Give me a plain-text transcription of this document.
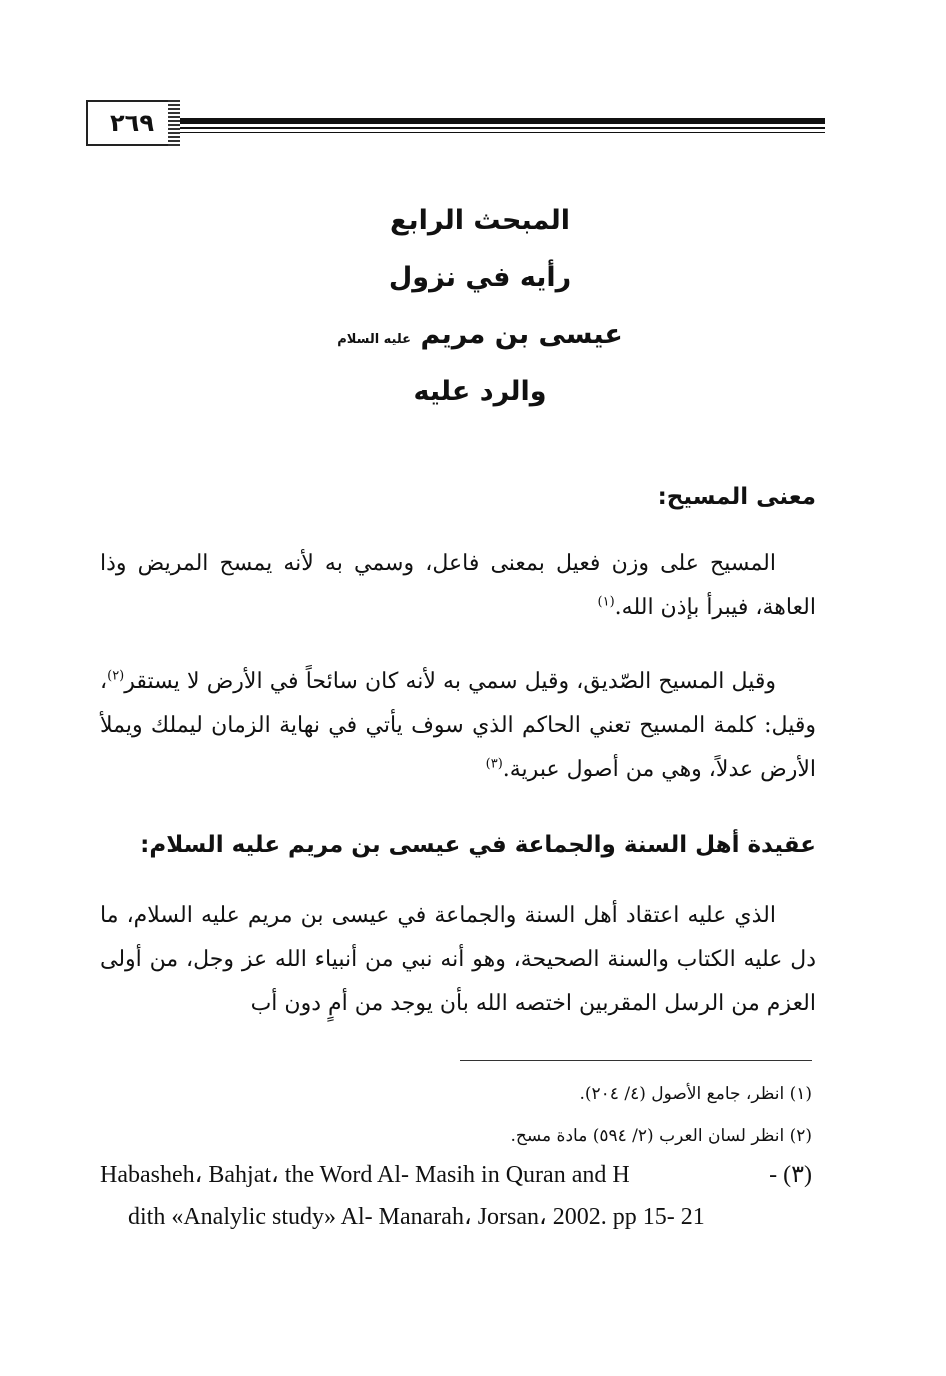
٢٦٩
المبحث الرابع
رأيه في نزول
عيسى بن مريم عليه السلام
والرد عليه
معنى المسيح:
المسيح على وزن فعيل بمعنى فاعل، وسمي به لأنه يمسح المريض وذا العاهة، فيبرأ بإذن الله.$^{(١)}$
وقيل المسيح الصّديق، وقيل سمي به لأنه كان سائحاً في الأرض لا يستقر$^{(٢)}$، وقيل: كلمة المسيح تعني الحاكم الذي سوف يأتي في نهاية الزمان ليملك ويملأ الأرض عدلاً، وهي من أصول عبرية.$^{(٣)}$
عقيدة أهل السنة والجماعة في عيسى بن مريم عليه السلام:
الذي عليه اعتقاد أهل السنة والجماعة في عيسى بن مريم عليه السلام، ما دل عليه الكتاب والسنة الصحيحة، وهو أنه نبي من أنبياء الله عز وجل، من أولى العزم من الرسل المقربين اختصه الله بأن يوجد من أمٍ دون أب
(١) انظر، جامع الأصول (٤/ ٢٠٤).
(٢) انظر لسان العرب (٢/ ٥٩٤) مادة مسح.
Habasheh، Bahjat، the Word Al- Masih in Quran and H	- (٣)
dith «Analylic study» Al- Manarah، Jorsan، 2002. pp 15- 21
